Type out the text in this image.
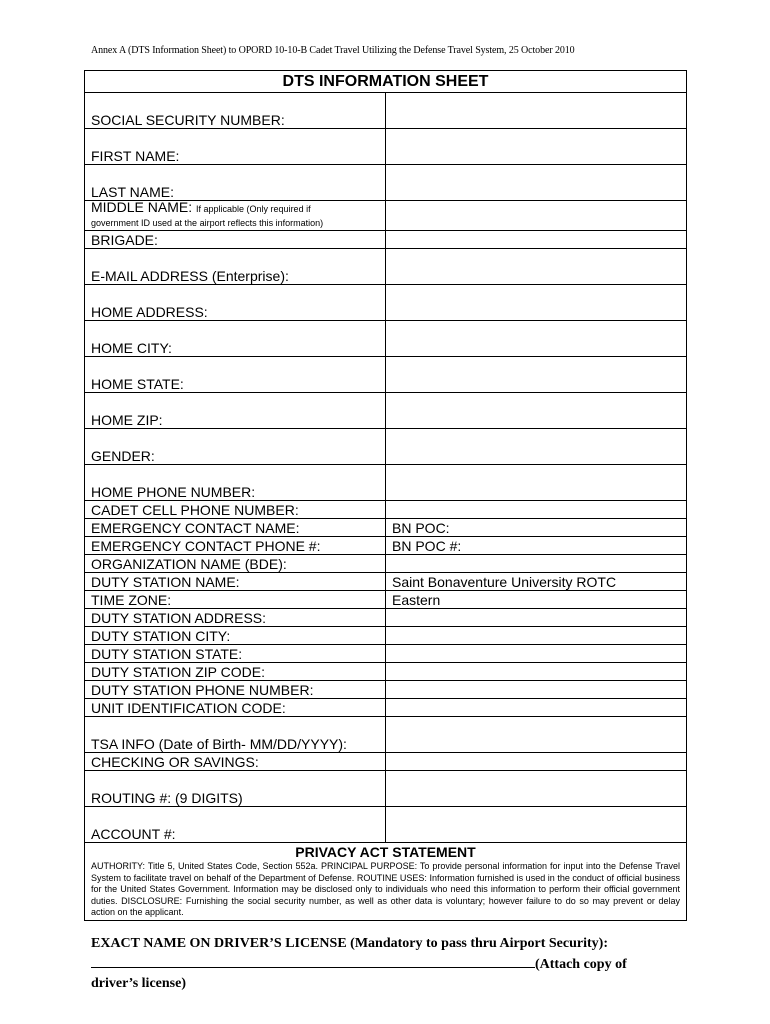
Annex A (DTS Information Sheet) to OPORD 10-10-B Cadet Travel Utilizing the Defense Travel System, 25 October 2010
DTS INFORMATION SHEET	
SOCIAL SECURITY NUMBER:	
FIRST NAME:	
LAST NAME:	
MIDDLE NAME: If applicable (Only required if
government ID used at the airport reflects this information)	
BRIGADE:	
E-MAIL ADDRESS (Enterprise):	
HOME ADDRESS:	
HOME CITY:	
HOME STATE:	
HOME ZIP:	
GENDER:	
HOME PHONE NUMBER:	
CADET CELL PHONE NUMBER:	
EMERGENCY CONTACT NAME:	BN POC:
EMERGENCY CONTACT PHONE #:	BN POC #:
ORGANIZATION NAME (BDE):	
DUTY STATION NAME:	Saint Bonaventure University ROTC
TIME ZONE:	Eastern
DUTY STATION ADDRESS:	
DUTY STATION CITY:	
DUTY STATION STATE:	
DUTY STATION ZIP CODE:	
DUTY STATION PHONE NUMBER:	
UNIT IDENTIFICATION CODE:	
TSA INFO (Date of Birth- MM/DD/YYYY):	
CHECKING OR SAVINGS:	
ROUTING #: (9 DIGITS)	
ACCOUNT #:	

PRIVACY ACT STATEMENT
AUTHORITY: Title 5, United States Code, Section 552a. PRINCIPAL PURPOSE: To provide personal information for input into the Defense Travel System to facilitate travel on behalf of the Department of Defense. ROUTINE USES: Information furnished is used in the conduct of official business for the United States Government. Information may be disclosed only to individuals who need this information to perform their official government duties. DISCLOSURE: Furnishing the social security number, as well as other data is voluntary; however failure to do so may prevent or delay action on the applicant.	
EXACT NAME ON DRIVER’S LICENSE (Mandatory to pass thru Airport Security):
(Attach copy of
driver’s license)
